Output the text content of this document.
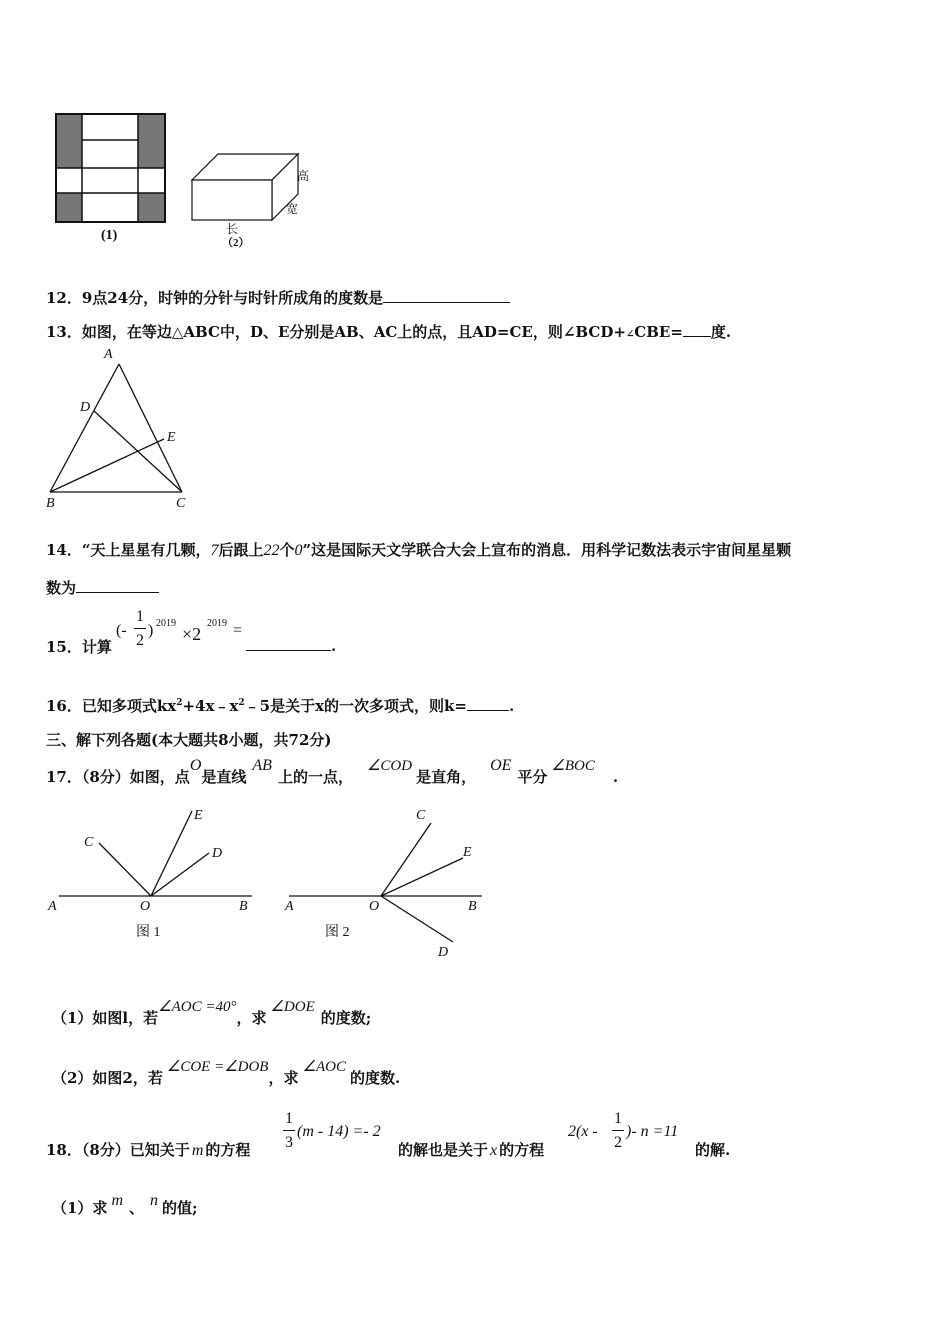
(1)
高
宽
长
（2）
12．9点24分，时钟的分针与时针所成角的度数是
13．如图，在等边△ABC中，D、E分别是AB、AC上的点，且AD=CE，则∠BCD+∠CBE= 度.
A
D
E
B	C
14．“天上星星有几颗，7后跟上22个0”这是国际天文学联合大会上宣布的消息．用科学记数法表示宇宙间星星颗
数为
15．计算
(-
1
2
) 2019
×2
2019 =
.
16．已知多项式$kx^2+4x﹣x^2﹣5$是关于x的一次多项式，则k=	.
三、解下列各题(本大题共8小题，共72分)
17．（8分）如图，点O是直线AB上的一点，∠COD是直角，OE平分∠BOC.
A	O	B
C
E
D
图 1
A	O	B
C
E
D
图 2
（1）如图l，若∠AOC =40°，求∠DOE的度数;
（2）如图2，若∠COE =∠DOB，求∠AOC的度数.
18．（8分）已知关于 m 的方程
1
3
(m - 14) =- 2
的解也是关于 x 的方程
2(x -
1
2
)- n =11
的解.
（1）求 m 、 n 的值;
